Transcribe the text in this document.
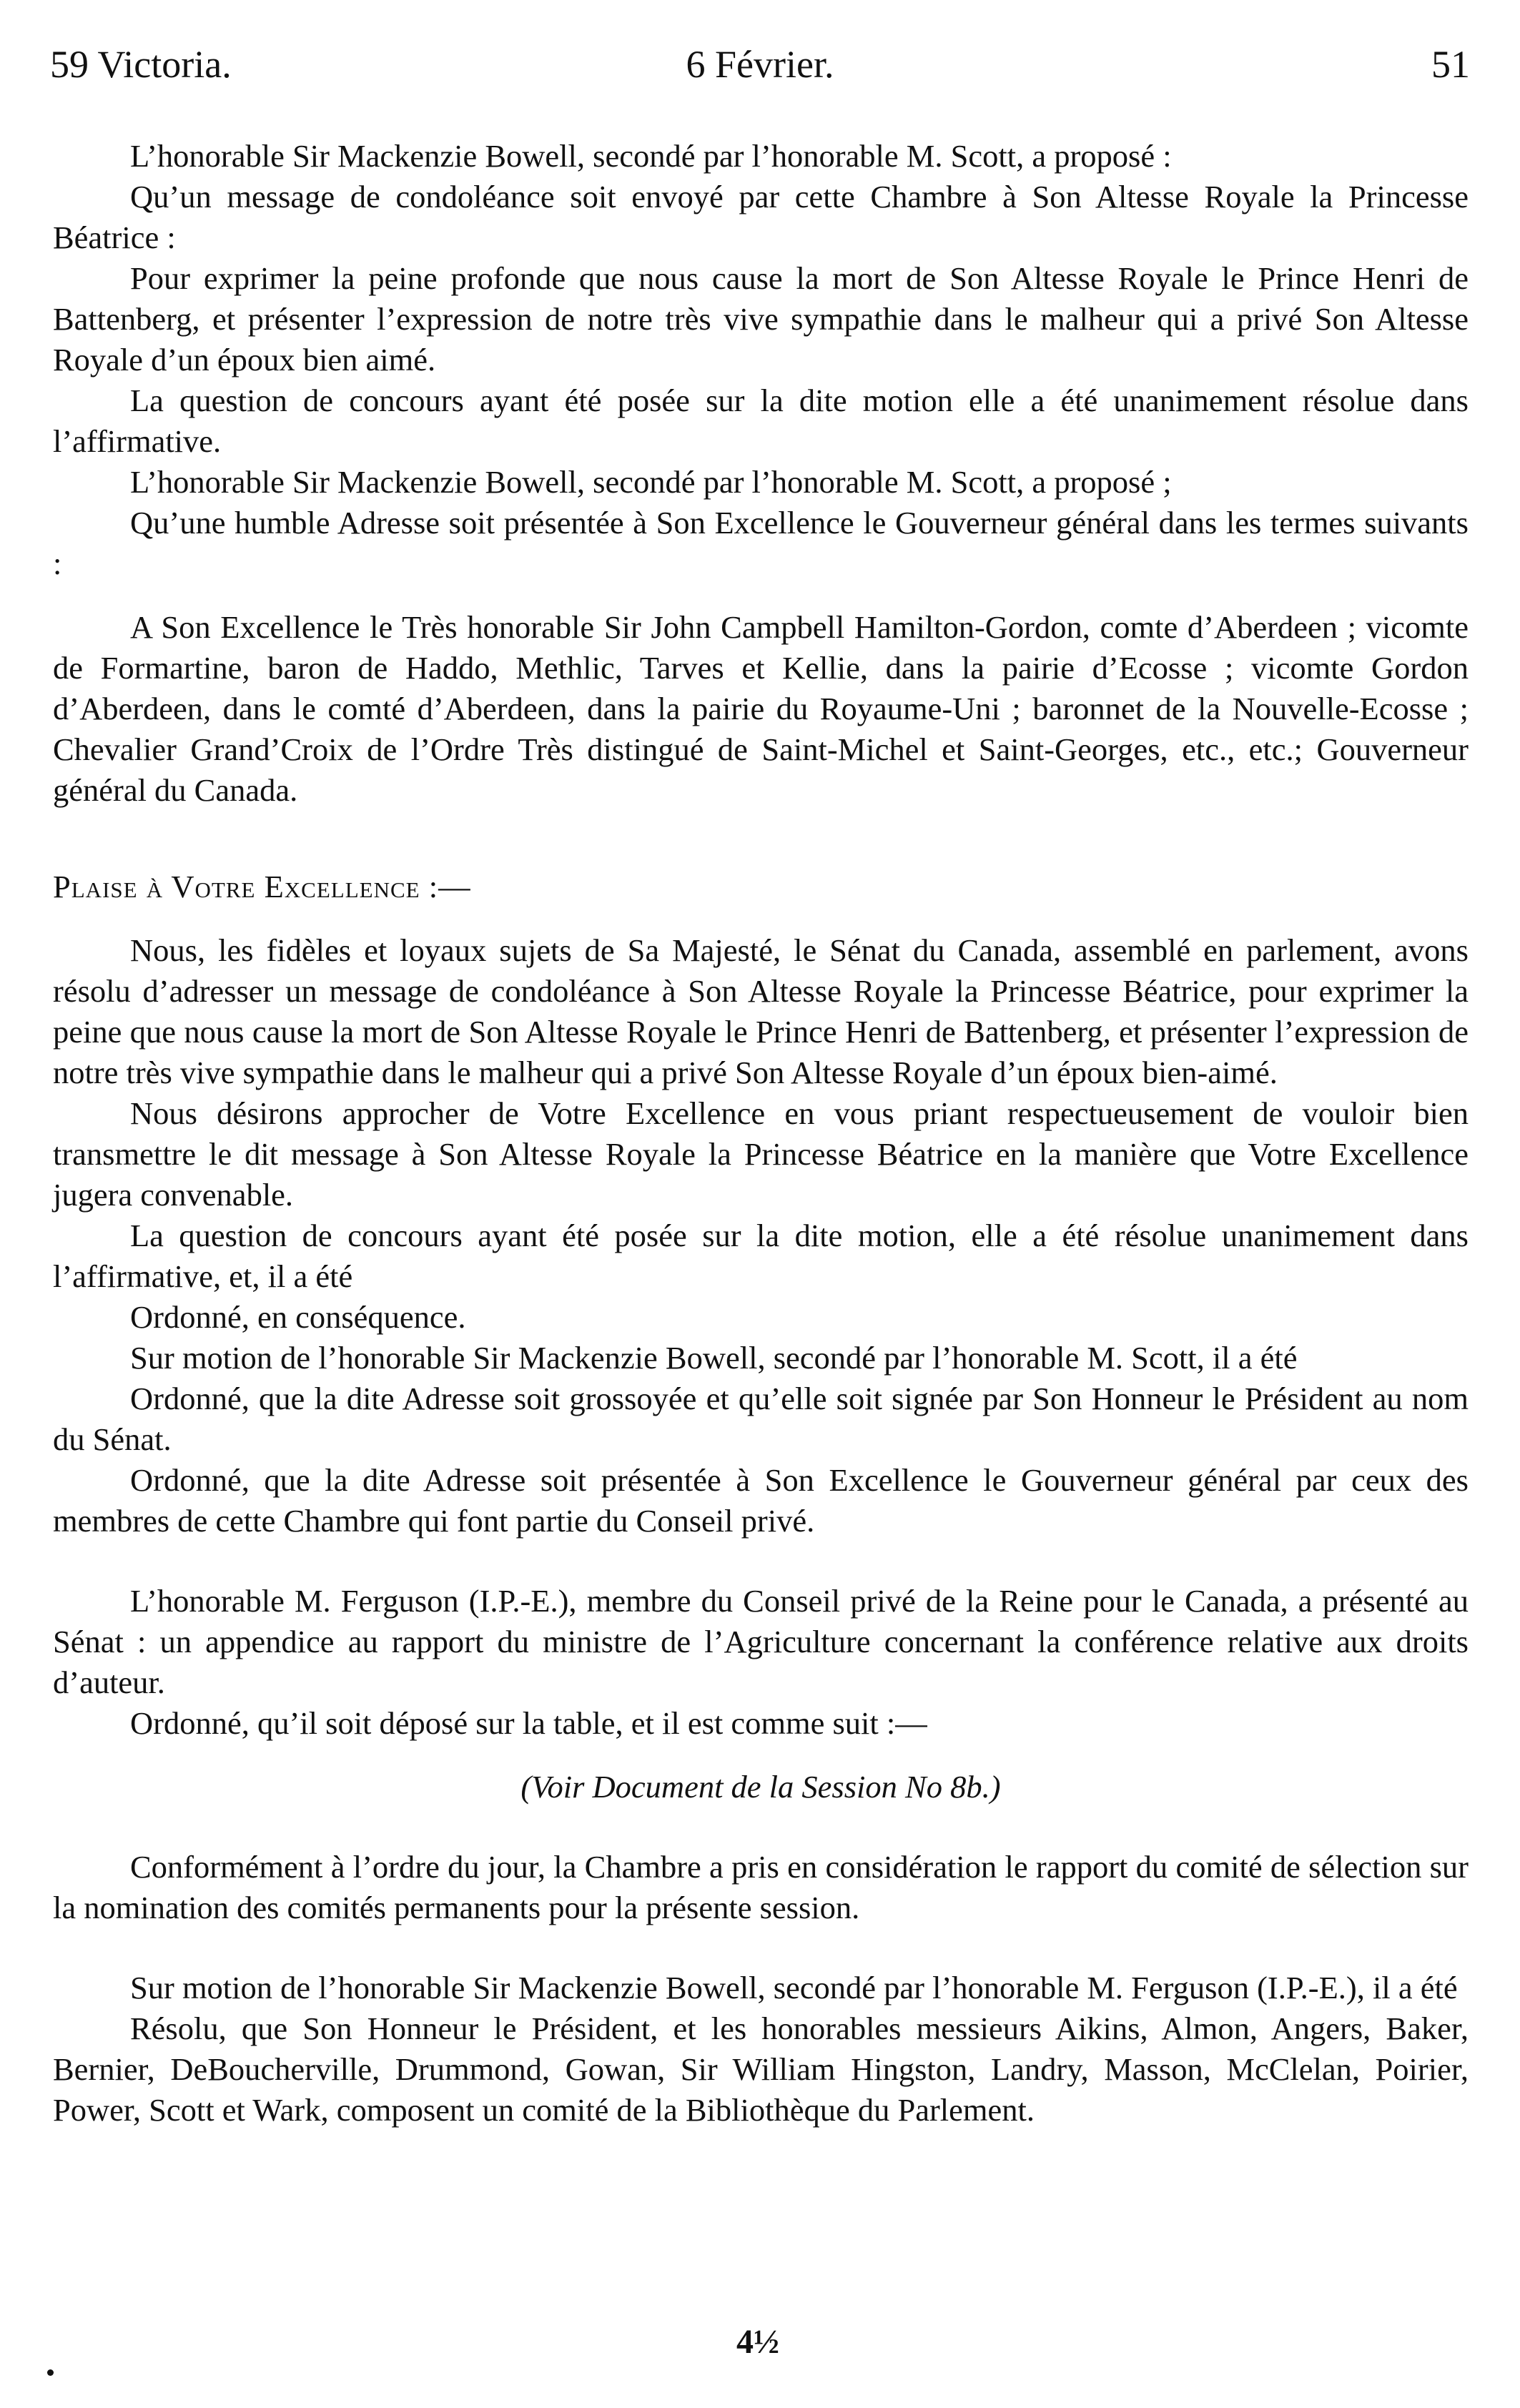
59 Victoria.	6 Février.	51

L’honorable Sir Mackenzie Bowell, secondé par l’honorable M. Scott, a proposé :

Qu’un message de condoléance soit envoyé par cette Chambre à Son Altesse Royale la Princesse Béatrice :

Pour exprimer la peine profonde que nous cause la mort de Son Altesse Royale le Prince Henri de Battenberg, et présenter l’expression de notre très vive sympathie dans le malheur qui a privé Son Altesse Royale d’un époux bien aimé.

La question de concours ayant été posée sur la dite motion elle a été unanimement résolue dans l’affirmative.

L’honorable Sir Mackenzie Bowell, secondé par l’honorable M. Scott, a proposé ;

Qu’une humble Adresse soit présentée à Son Excellence le Gouverneur général dans les termes suivants :

A Son Excellence le Très honorable Sir John Campbell Hamilton-Gordon, comte d’Aberdeen ; vicomte de Formartine, baron de Haddo, Methlic, Tarves et Kellie, dans la pairie d’Ecosse ; vicomte Gordon d’Aberdeen, dans le comté d’Aberdeen, dans la pairie du Royaume-Uni ; baronnet de la Nouvelle-Ecosse ; Chevalier Grand’Croix de l’Ordre Très distingué de Saint-Michel et Saint-Georges, etc., etc.; Gouverneur général du Canada.

Plaise à Votre Excellence :—

Nous, les fidèles et loyaux sujets de Sa Majesté, le Sénat du Canada, assemblé en parlement, avons résolu d’adresser un message de condoléance à Son Altesse Royale la Princesse Béatrice, pour exprimer la peine que nous cause la mort de Son Altesse Royale le Prince Henri de Battenberg, et présenter l’expression de notre très vive sympathie dans le malheur qui a privé Son Altesse Royale d’un époux bien-aimé.

Nous désirons approcher de Votre Excellence en vous priant respectueusement de vouloir bien transmettre le dit message à Son Altesse Royale la Princesse Béatrice en la manière que Votre Excellence jugera convenable.

La question de concours ayant été posée sur la dite motion, elle a été résolue unanimement dans l’affirmative, et, il a été

Ordonné, en conséquence.

Sur motion de l’honorable Sir Mackenzie Bowell, secondé par l’honorable M. Scott, il a été

Ordonné, que la dite Adresse soit grossoyée et qu’elle soit signée par Son Honneur le Président au nom du Sénat.

Ordonné, que la dite Adresse soit présentée à Son Excellence le Gouverneur général par ceux des membres de cette Chambre qui font partie du Conseil privé.

L’honorable M. Ferguson (I.P.-E.), membre du Conseil privé de la Reine pour le Canada, a présenté au Sénat : un appendice au rapport du ministre de l’Agriculture concernant la conférence relative aux droits d’auteur.

Ordonné, qu’il soit déposé sur la table, et il est comme suit :—

(Voir Document de la Session No 8b.)

Conformément à l’ordre du jour, la Chambre a pris en considération le rapport du comité de sélection sur la nomination des comités permanents pour la présente session.

Sur motion de l’honorable Sir Mackenzie Bowell, secondé par l’honorable M. Ferguson (I.P.-E.), il a été

Résolu, que Son Honneur le Président, et les honorables messieurs Aikins, Almon, Angers, Baker, Bernier, DeBoucherville, Drummond, Gowan, Sir William Hingston, Landry, Masson, McClelan, Poirier, Power, Scott et Wark, composent un comité de la Bibliothèque du Parlement.

4½
